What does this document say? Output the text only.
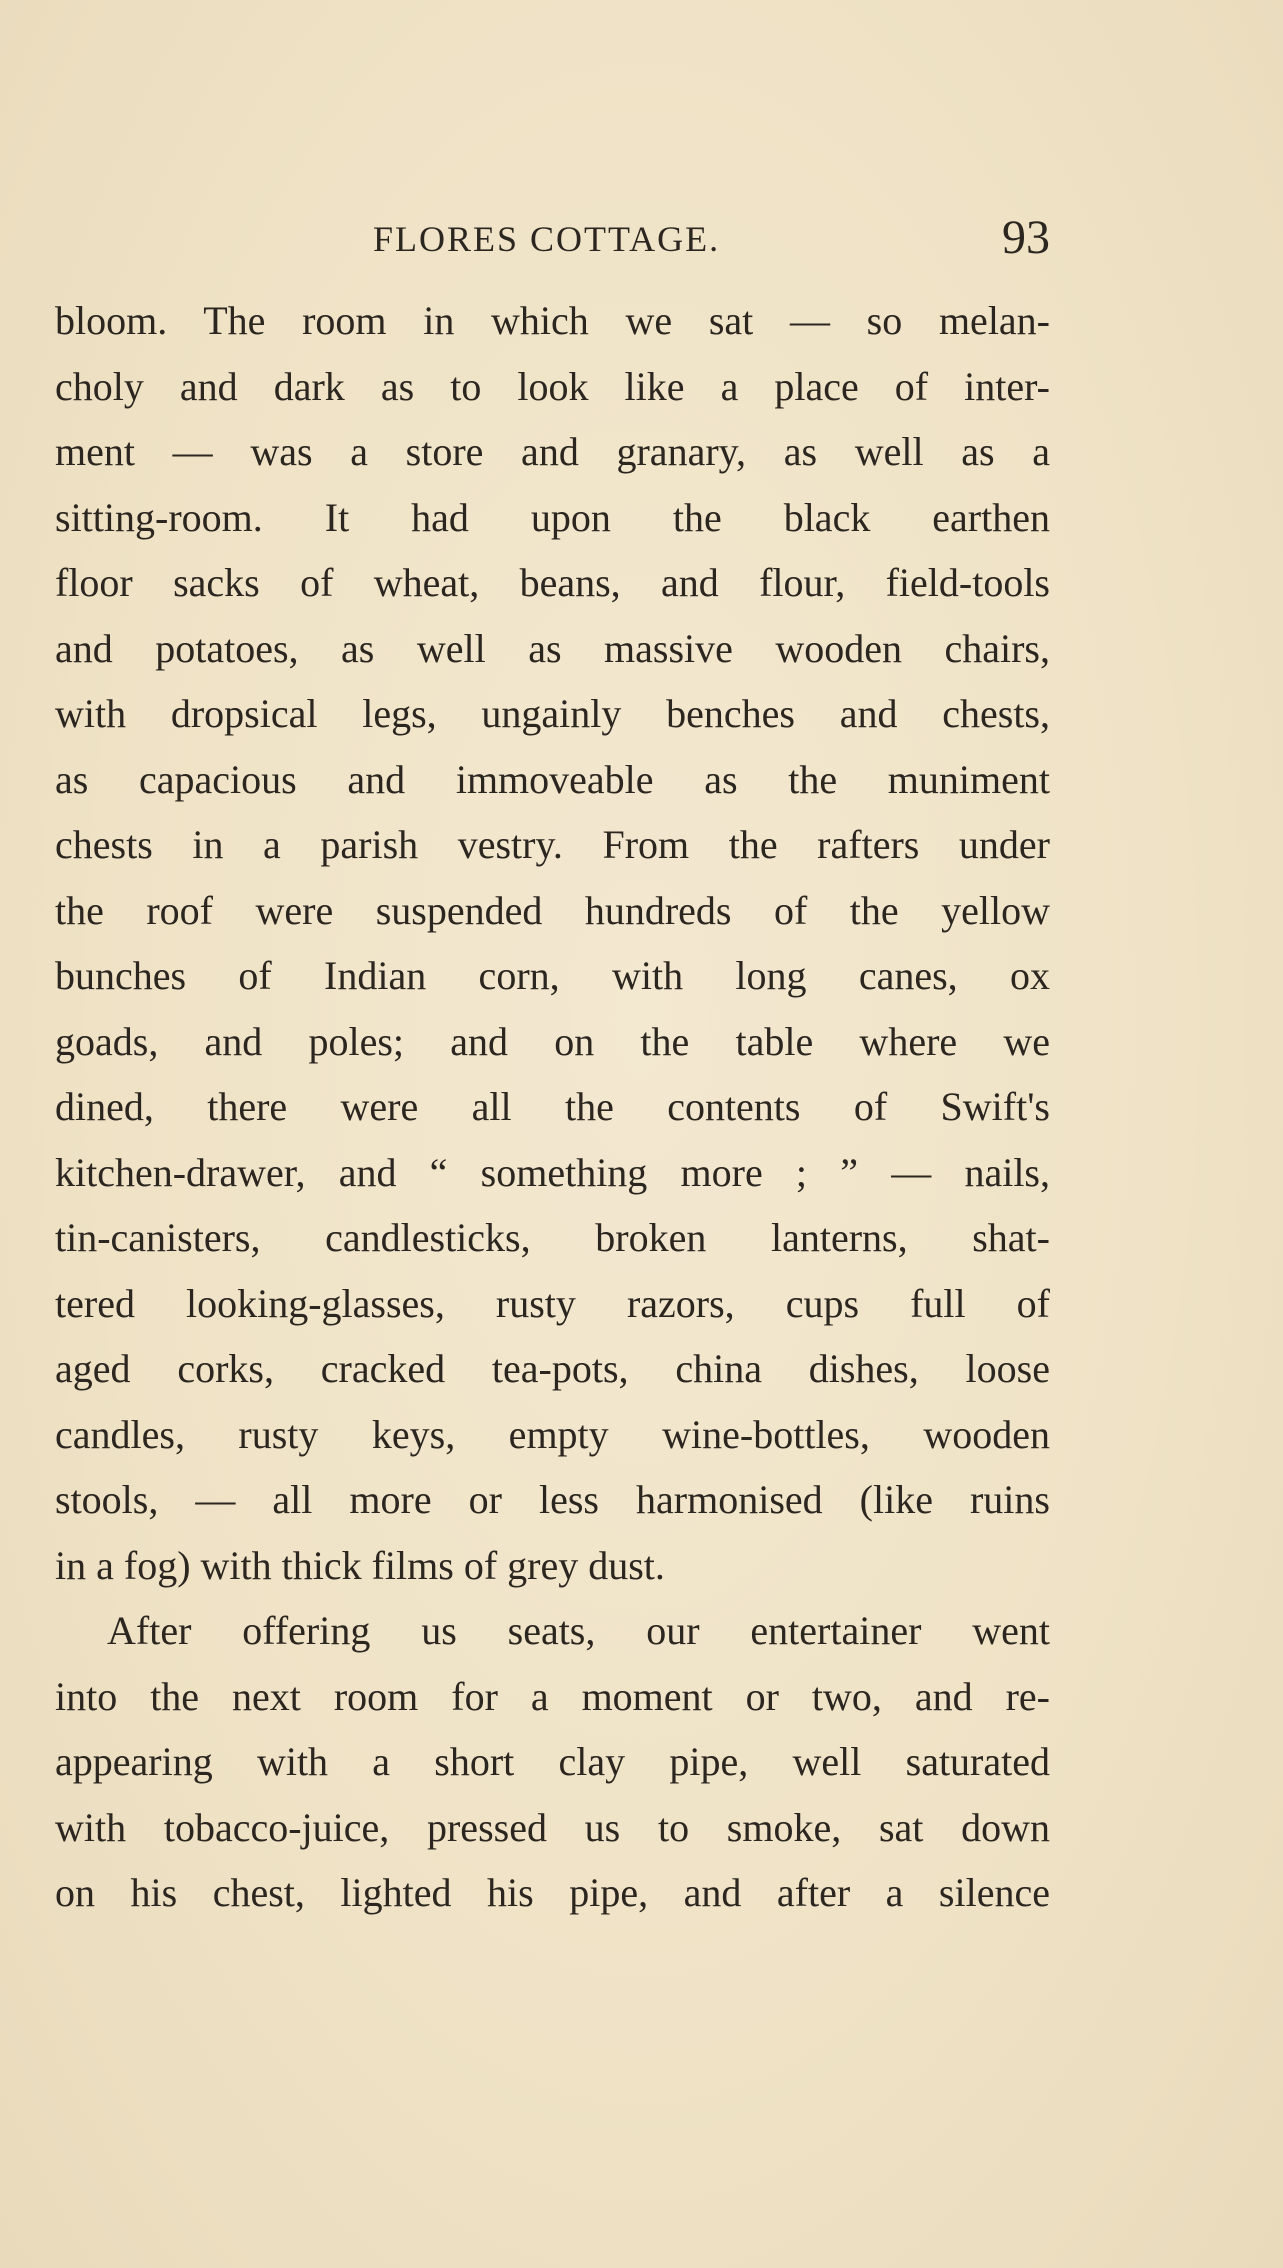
FLORES COTTAGE.	93
bloom. The room in which we sat — so melan-
choly and dark as to look like a place of inter-
ment — was a store and granary, as well as a
sitting-room. It had upon the black earthen
floor sacks of wheat, beans, and flour, field-tools
and potatoes, as well as massive wooden chairs,
with dropsical legs, ungainly benches and chests,
as capacious and immoveable as the muniment
chests in a parish vestry. From the rafters under
the roof were suspended hundreds of the yellow
bunches of Indian corn, with long canes, ox
goads, and poles; and on the table where we
dined, there were all the contents of Swift's
kitchen-drawer, and “ something more ; ” — nails,
tin-canisters, candlesticks, broken lanterns, shat-
tered looking-glasses, rusty razors, cups full of
aged corks, cracked tea-pots, china dishes, loose
candles, rusty keys, empty wine-bottles, wooden
stools, — all more or less harmonised (like ruins
in a fog) with thick films of grey dust.
After offering us seats, our entertainer went
into the next room for a moment or two, and re-
appearing with a short clay pipe, well saturated
with tobacco-juice, pressed us to smoke, sat down
on his chest, lighted his pipe, and after a silence
